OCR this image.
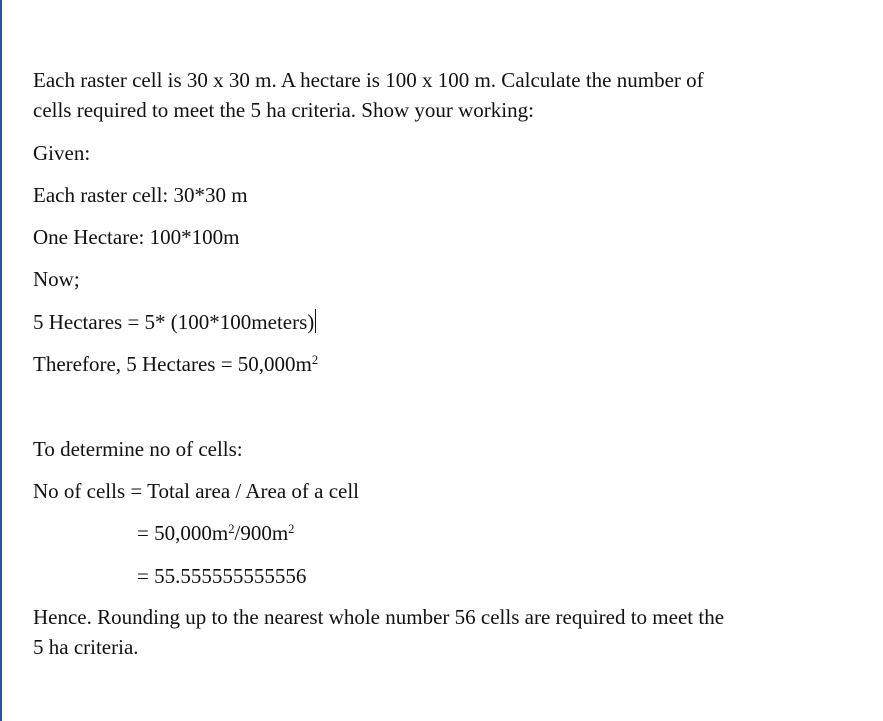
Each raster cell is 30 x 30 m. A hectare is 100 x 100 m. Calculate the number of
cells required to meet the 5 ha criteria. Show your working:
Given:
Each raster cell: 30*30 m
One Hectare: 100*100m
Now;
5 Hectares = 5* (100*100meters)
Therefore, 5 Hectares = $50,000m^2$
To determine no of cells:
No of cells = Total area / Area of a cell
= $50,000m^2/900m^2$
= 55.555555555556
Hence. Rounding up to the nearest whole number 56 cells are required to meet the
5 ha criteria.
